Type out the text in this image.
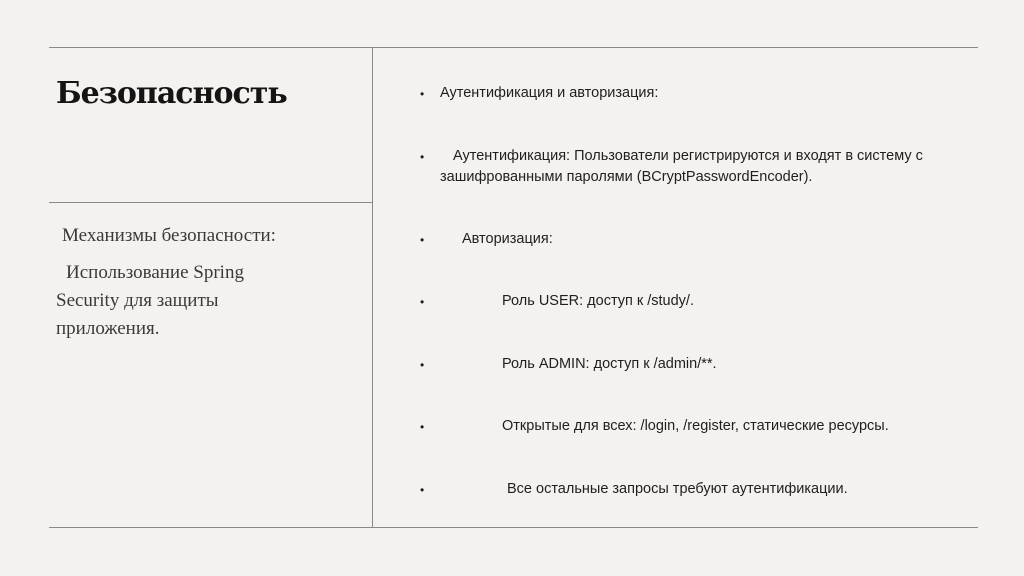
Безопасность
Механизмы безопасности:
Использование Spring
Security для защиты
приложения.
• Аутентификация и авторизация:
• Аутентификация: Пользователи регистрируются и входят в систему с
зашифрованными паролями (BCryptPasswordEncoder).
•	Авторизация:
•	Роль USER: доступ к /study/.
•	Роль ADMIN: доступ к /admin/**.
•	Открытые для всех: /login, /register, статические ресурсы.
•	Все остальные запросы требуют аутентификации.
